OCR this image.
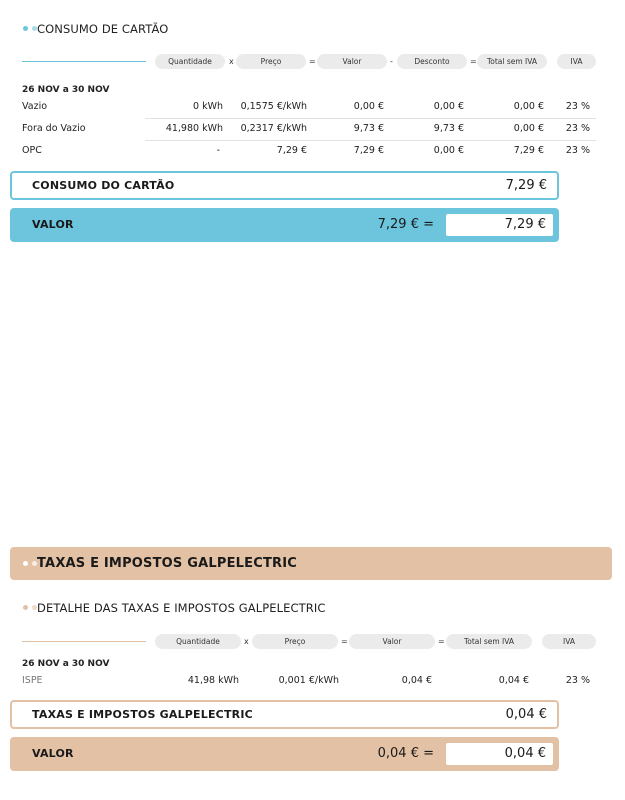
CONSUMO DE CARTÃO
Quantidade	x	Preço	=	Valor	-	Desconto	=	Total sem IVA	IVA
26 NOV a 30 NOV
Vazio	0 kWh	0,1575 €/kWh	0,00 €	0,00 €	0,00 €	23 %
Fora do Vazio	41,980 kWh	0,2317 €/kWh	9,73 €	9,73 €	0,00 €	23 %
OPC	-	7,29 €	7,29 €	0,00 €	7,29 €	23 %
CONSUMO DO CARTÃO	7,29 €
VALOR	7,29 € =	7,29 €
TAXAS E IMPOSTOS GALPELECTRIC
DETALHE DAS TAXAS E IMPOSTOS GALPELECTRIC
Quantidade	x	Preço	=	Valor	=	Total sem IVA	IVA
26 NOV a 30 NOV
ISPE	41,98 kWh	0,001 €/kWh	0,04 €	0,04 €	23 %
TAXAS E IMPOSTOS GALPELECTRIC	0,04 €
VALOR	0,04 € =	0,04 €
